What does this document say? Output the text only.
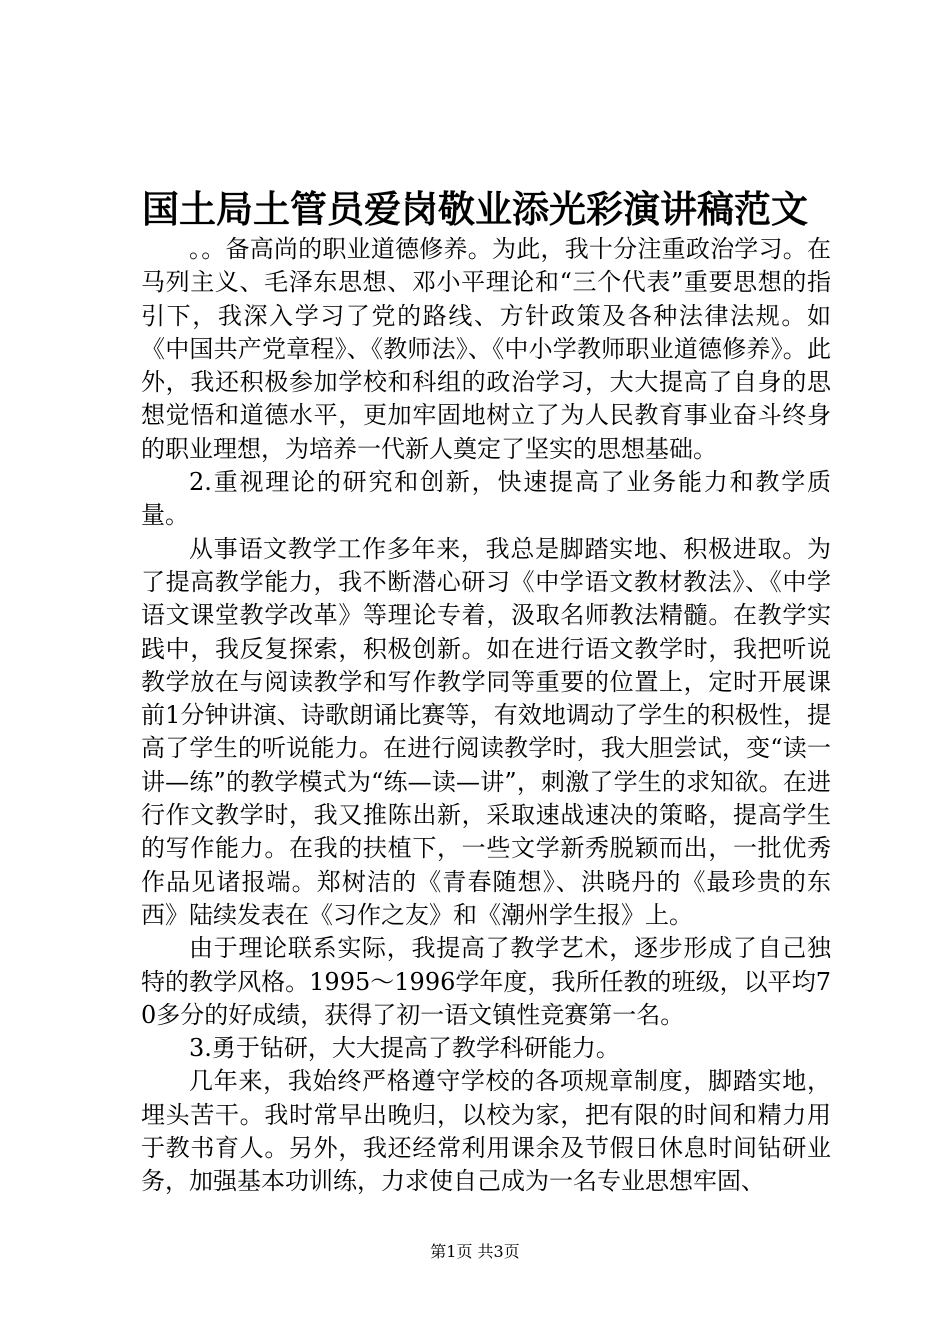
国土局土管员爱岗敬业添光彩演讲稿范文

。。备高尚的职业道德修养。为此，我十分注重政治学习。在马列主义、毛泽东思想、邓小平理论和“三个代表”重要思想的指引下，我深入学习了党的路线、方针政策及各种法律法规。如《中国共产党章程》、《教师法》、《中小学教师职业道德修养》。此外，我还积极参加学校和科组的政治学习，大大提高了自身的思想觉悟和道德水平，更加牢固地树立了为人民教育事业奋斗终身的职业理想，为培养一代新人奠定了坚实的思想基础。

2.重视理论的研究和创新，快速提高了业务能力和教学质量。

从事语文教学工作多年来，我总是脚踏实地、积极进取。为了提高教学能力，我不断潜心研习《中学语文教材教法》、《中学语文课堂教学改革》等理论专着，汲取名师教法精髓。在教学实践中，我反复探索，积极创新。如在进行语文教学时，我把听说教学放在与阅读教学和写作教学同等重要的位置上，定时开展课前1分钟讲演、诗歌朗诵比赛等，有效地调动了学生的积极性，提高了学生的听说能力。在进行阅读教学时，我大胆尝试，变“读一讲—练”的教学模式为“练—读—讲”，刺激了学生的求知欲。在进行作文教学时，我又推陈出新，采取速战速决的策略，提高学生的写作能力。在我的扶植下，一些文学新秀脱颖而出，一批优秀作品见诸报端。郑树洁的《青春随想》、洪晓丹的《最珍贵的东西》陆续发表在《习作之友》和《潮州学生报》上。

由于理论联系实际，我提高了教学艺术，逐步形成了自己独特的教学风格。1995～1996学年度，我所任教的班级，以平均70多分的好成绩，获得了初一语文镇性竞赛第一名。

3.勇于钻研，大大提高了教学科研能力。

几年来，我始终严格遵守学校的各项规章制度，脚踏实地，埋头苦干。我时常早出晚归，以校为家，把有限的时间和精力用于教书育人。另外，我还经常利用课余及节假日休息时间钻研业务，加强基本功训练，力求使自己成为一名专业思想牢固、

第1页 共3页
